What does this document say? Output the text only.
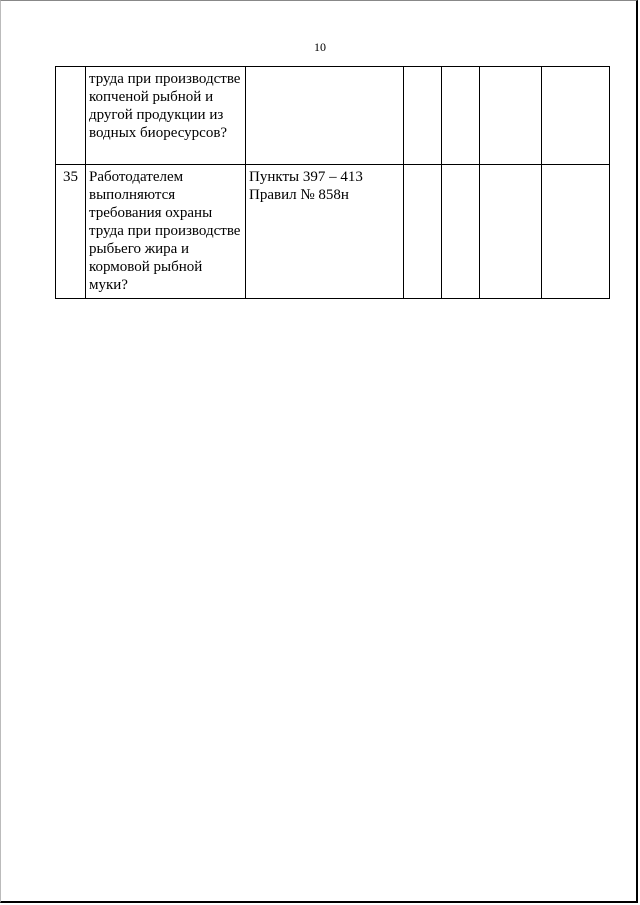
10
	труда при производстве копченой рыбной и другой продукции из водных биоресурсов?					
35	Работодателем выполняются требования охраны труда при производстве рыбьего жира и кормовой рыбной муки?	Пункты 397 – 413 Правил № 858н				
